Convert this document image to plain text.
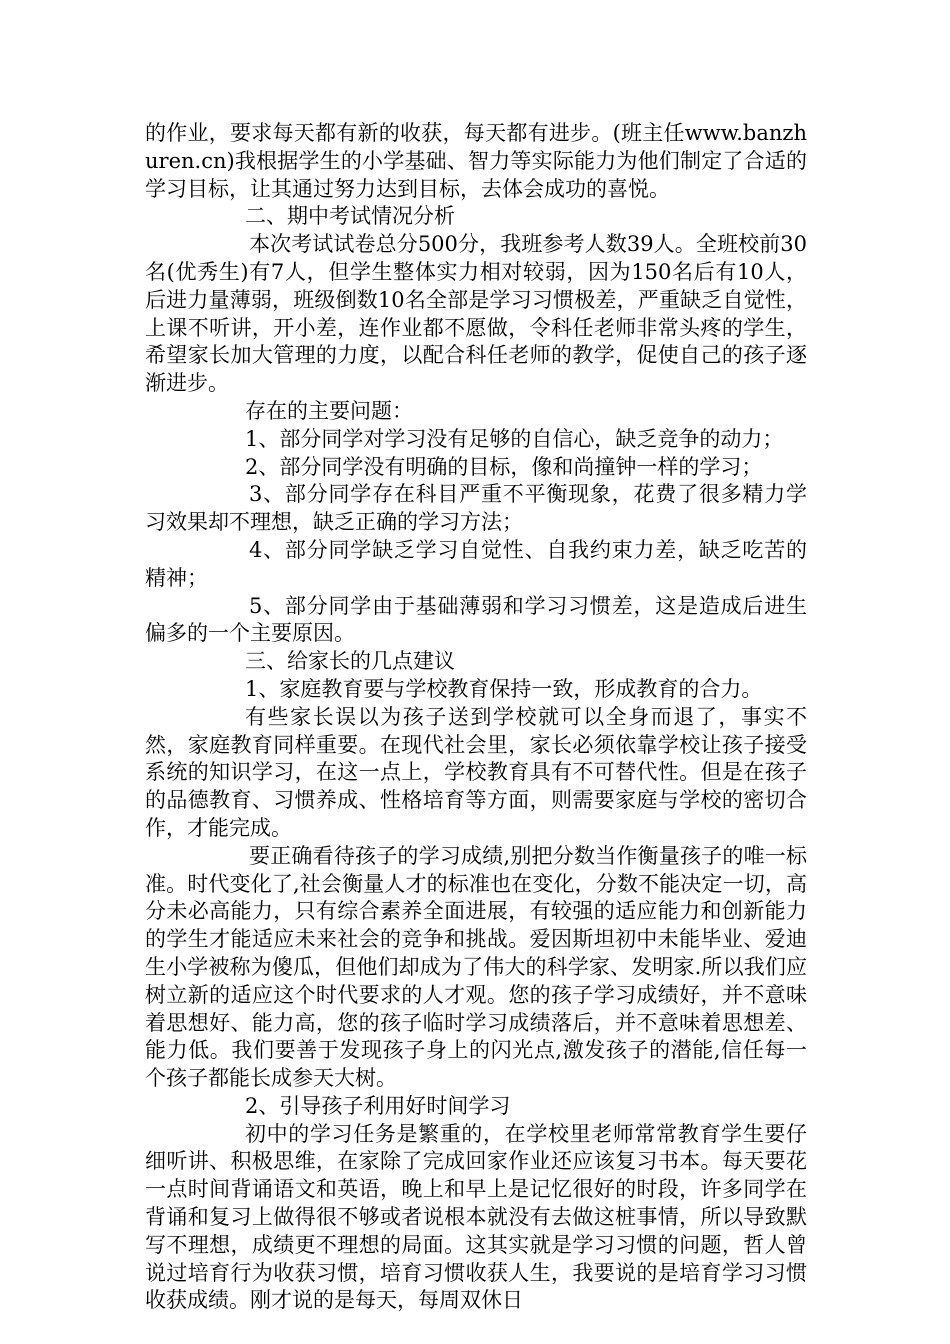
的作业，要求每天都有新的收获，每天都有进步。(班主任www.banzhuren.cn)我根据学生的小学基础、智力等实际能力为他们制定了合适的学习目标，让其通过努力达到目标，去体会成功的喜悦。

二、期中考试情况分析

本次考试试卷总分500分，我班参考人数39人。全班校前30名(优秀生)有7人，但学生整体实力相对较弱，因为150名后有10人，后进力量薄弱，班级倒数10名全部是学习习惯极差，严重缺乏自觉性，上课不听讲，开小差，连作业都不愿做，令科任老师非常头疼的学生，希望家长加大管理的力度，以配合科任老师的教学，促使自己的孩子逐渐进步。

存在的主要问题：

1、部分同学对学习没有足够的自信心，缺乏竞争的动力；

2、部分同学没有明确的目标，像和尚撞钟一样的学习；

3、部分同学存在科目严重不平衡现象，花费了很多精力学习效果却不理想，缺乏正确的学习方法；

4、部分同学缺乏学习自觉性、自我约束力差，缺乏吃苦的精神；

5、部分同学由于基础薄弱和学习习惯差，这是造成后进生偏多的一个主要原因。

三、给家长的几点建议

1、家庭教育要与学校教育保持一致，形成教育的合力。

有些家长误以为孩子送到学校就可以全身而退了，事实不然，家庭教育同样重要。在现代社会里，家长必须依靠学校让孩子接受系统的知识学习，在这一点上，学校教育具有不可替代性。但是在孩子的品德教育、习惯养成、性格培育等方面，则需要家庭与学校的密切合作，才能完成。

要正确看待孩子的学习成绩,别把分数当作衡量孩子的唯一标准。时代变化了,社会衡量人才的标准也在变化，分数不能决定一切，高分未必高能力，只有综合素养全面进展，有较强的适应能力和创新能力的学生才能适应未来社会的竞争和挑战。爱因斯坦初中未能毕业、爱迪生小学被称为傻瓜，但他们却成为了伟大的科学家、发明家.所以我们应树立新的适应这个时代要求的人才观。您的孩子学习成绩好，并不意味着思想好、能力高，您的孩子临时学习成绩落后，并不意味着思想差、能力低。我们要善于发现孩子身上的闪光点,激发孩子的潜能,信任每一个孩子都能长成参天大树。

2、引导孩子利用好时间学习

初中的学习任务是繁重的，在学校里老师常常教育学生要仔细听讲、积极思维，在家除了完成回家作业还应该复习书本。每天要花一点时间背诵语文和英语，晚上和早上是记忆很好的时段，许多同学在背诵和复习上做得很不够或者说根本就没有去做这桩事情，所以导致默写不理想，成绩更不理想的局面。这其实就是学习习惯的问题，哲人曾说过培育行为收获习惯，培育习惯收获人生，我要说的是培育学习习惯收获成绩。刚才说的是每天，每周双休日
